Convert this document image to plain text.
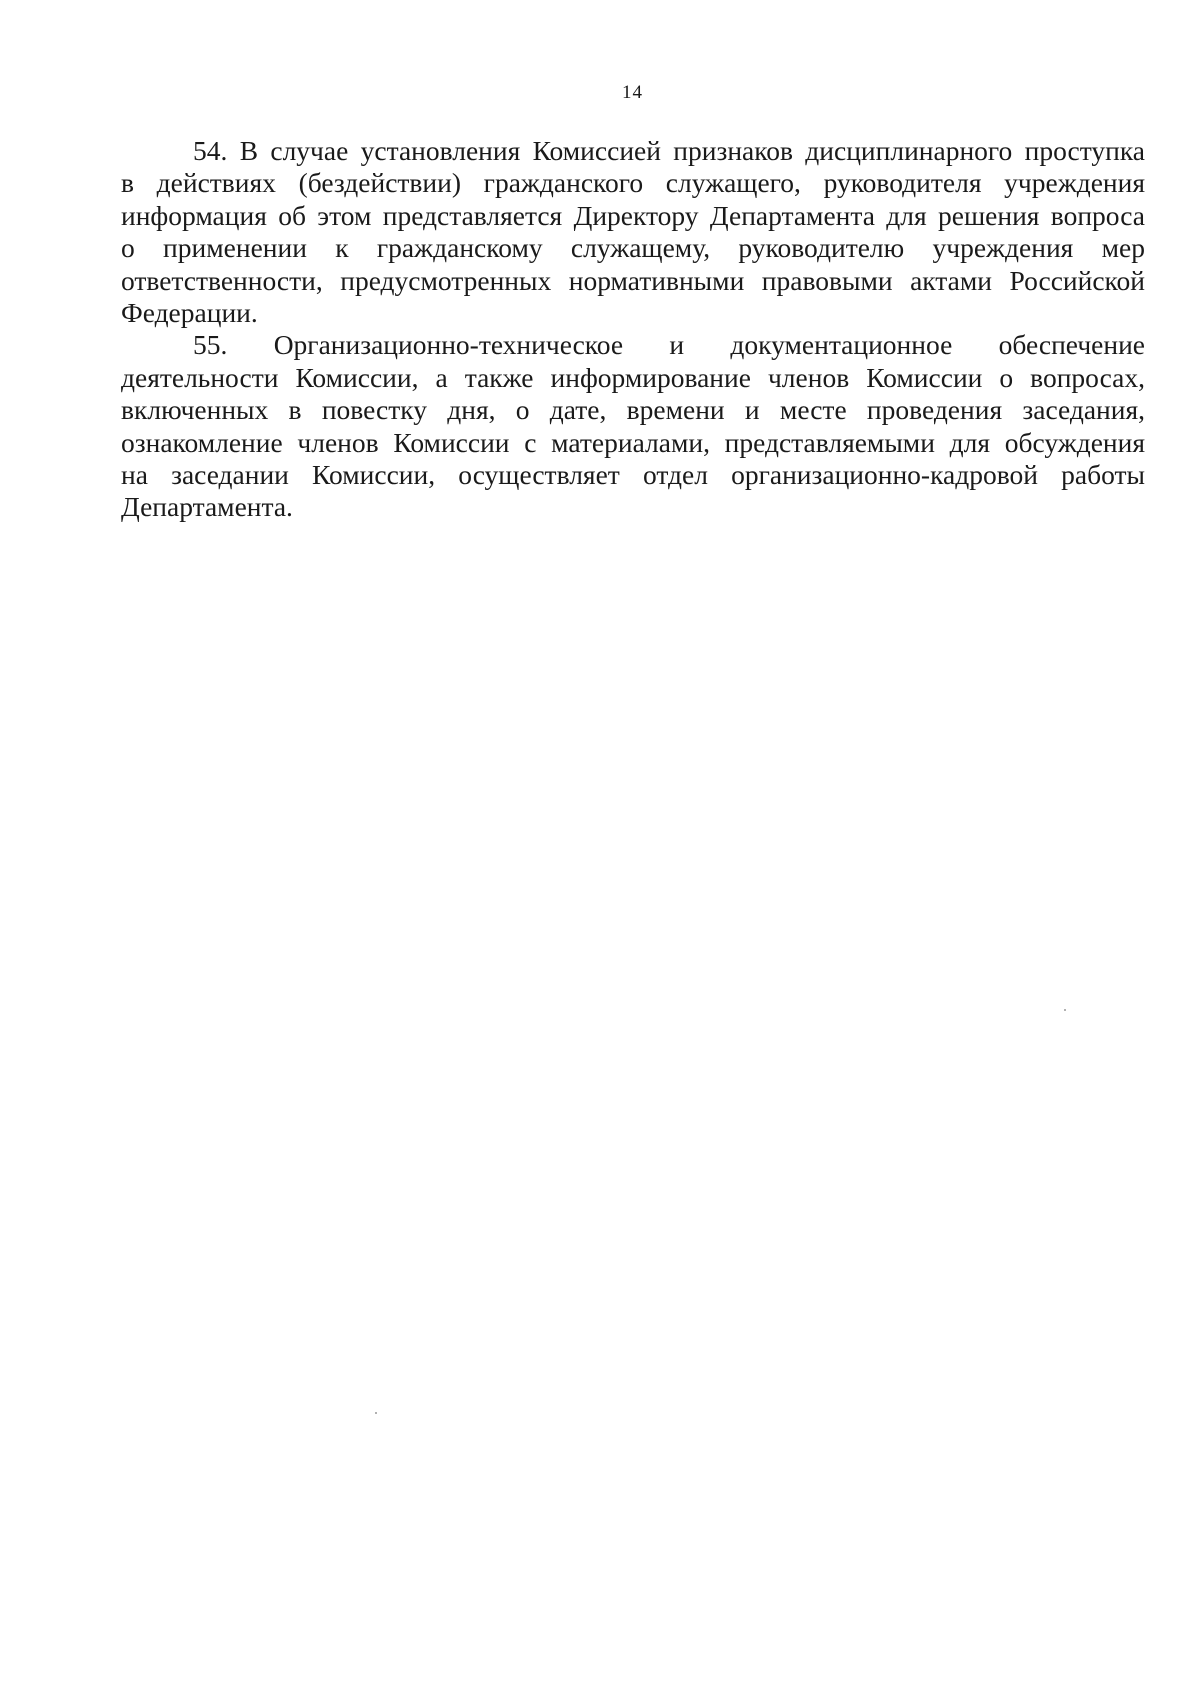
14

54. В случае установления Комиссией признаков дисциплинарного проступка
в действиях (бездействии) гражданского служащего, руководителя учреждения
информация об этом представляется Директору Департамента для решения вопроса
о применении к гражданскому служащему, руководителю учреждения мер
ответственности, предусмотренных нормативными правовыми актами Российской
Федерации.

55. Организационно-техническое и документационное обеспечение
деятельности Комиссии, а также информирование членов Комиссии о вопросах,
включенных в повестку дня, о дате, времени и месте проведения заседания,
ознакомление членов Комиссии с материалами, представляемыми для обсуждения
на заседании Комиссии, осуществляет отдел организационно-кадровой работы
Департамента.
